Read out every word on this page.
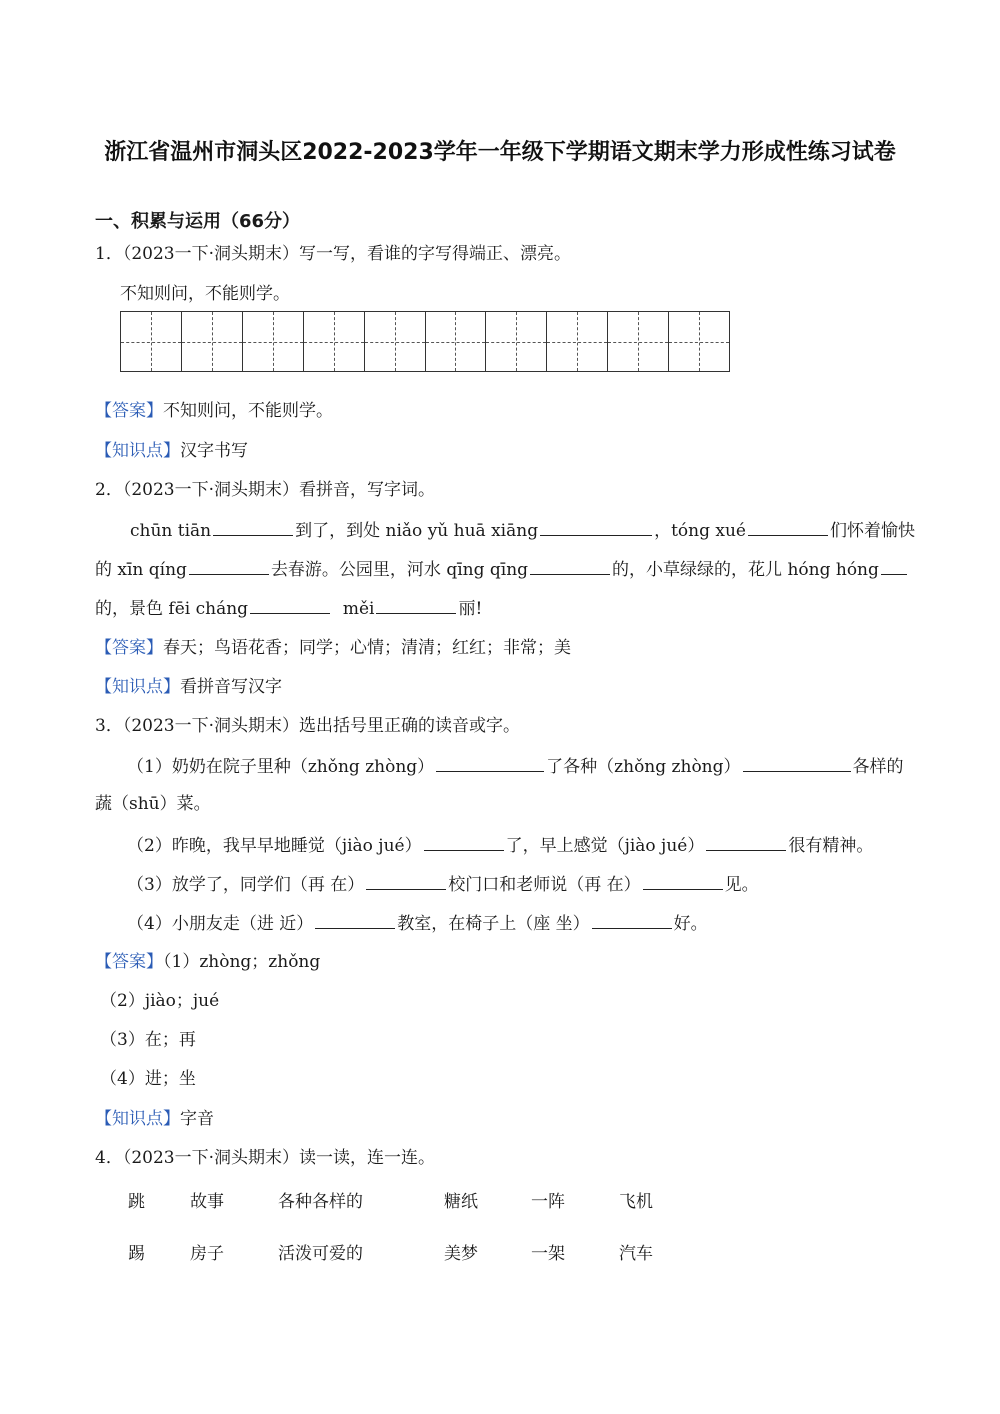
浙江省温州市洞头区2022-2023学年一年级下学期语文期末学力形成性练习试卷
一、积累与运用（66分）
1．（2023一下·洞头期末）写一写，看谁的字写得端正、漂亮。
不知则问，不能则学。
【答案】不知则问，不能则学。
【知识点】汉字书写
2．（2023一下·洞头期末）看拼音，写字词。
chūn tiān	到了，到处 niǎo yǔ huā xiāng	，tóng xué	们怀着愉快
的 xīn qíng	去春游。公园里，河水 qīng qīng	的，小草绿绿的，花儿 hóng hóng
的，景色 fēi cháng	měi	丽!
【答案】春天；鸟语花香；同学；心情；清清；红红；非常；美
【知识点】看拼音写汉字
3．（2023一下·洞头期末）选出括号里正确的读音或字。
（1）奶奶在院子里种（zhǒng zhòng）	了各种（zhǒng zhòng）	各样的
蔬（shū）菜。
（2）昨晚，我早早地睡觉（jiào jué）	了，早上感觉（jiào jué）	很有精神。
（3）放学了，同学们（再 在）	校门口和老师说（再 在）	见。
（4）小朋友走（进 近）	教室，在椅子上（座 坐）	好。
【答案】（1）zhòng；zhǒng
（2）jiào；jué
（3）在；再
（4）进；坐
【知识点】字音
4．（2023一下·洞头期末）读一读，连一连。
跳	故事	各种各样的	糖纸	一阵	飞机
踢	房子	活泼可爱的	美梦	一架	汽车
